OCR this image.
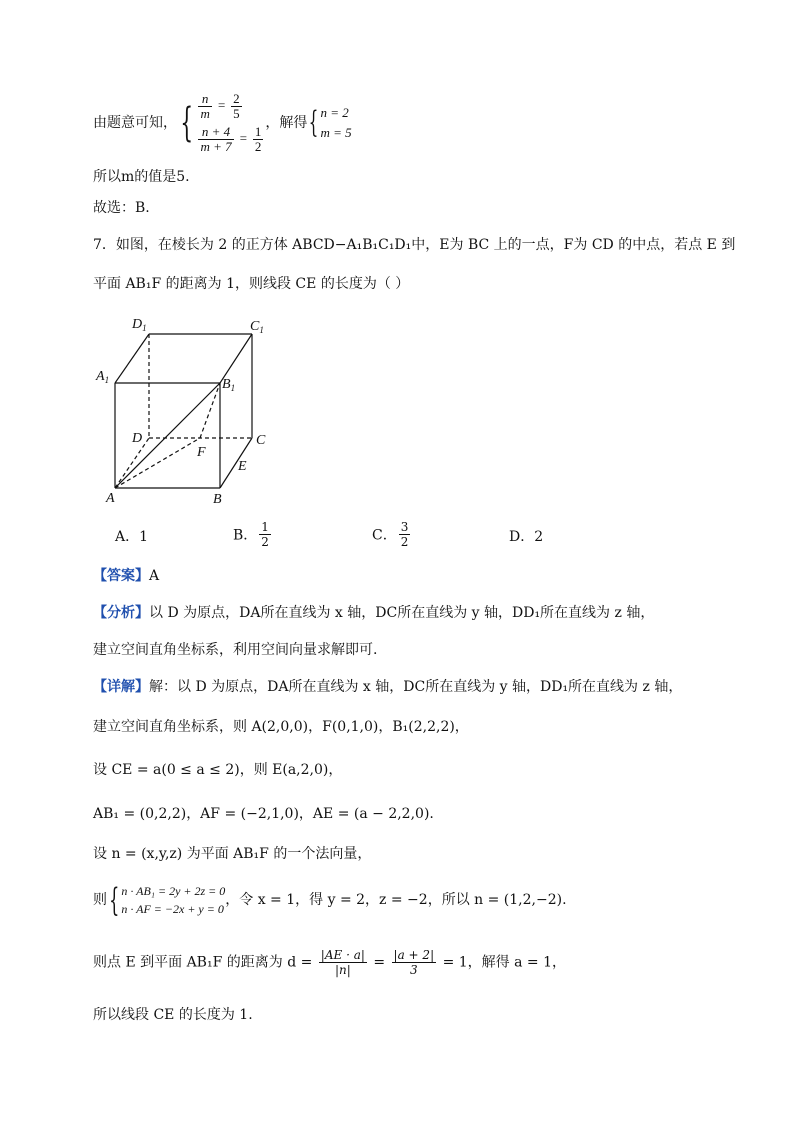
由题意可知，{ $\frac{n}{m} = \frac{2}{5}$
$\frac{n + 4}{m + 7} = \frac{1}{2}$
，解得{ n = 2
m = 5
所以m的值是5.
故选：B.
7．如图，在棱长为 2 的正方体 ABCD−A₁B₁C₁D₁中，E为 BC 上的一点，F为 CD 的中点，若点 E 到
平面 AB₁F 的距离为 1，则线段 CE 的长度为（ ）
$D_1$	$C_1$
$A_1$	$B_1$
D	C
F
E
A	B
A．1	B． $\frac{1}{2}$	C． $\frac{3}{2}$	D．2
【答案】A
【分析】以 D 为原点，DA所在直线为 x 轴，DC所在直线为 y 轴，DD₁所在直线为 z 轴，
建立空间直角坐标系，利用空间向量求解即可.
【详解】解：以 D 为原点，DA所在直线为 x 轴，DC所在直线为 y 轴，DD₁所在直线为 z 轴，
建立空间直角坐标系，则 A(2,0,0)，F(0,1,0)，B₁(2,2,2)，
设 CE = a(0 ≤ a ≤ 2)，则 E(a,2,0)，
AB₁ = (0,2,2)，AF = (−2,1,0)，AE = (a − 2,2,0).
设 n = (x,y,z) 为平面 AB₁F 的一个法向量，
则{ n · AB₁ = 2y + 2z = 0
n · AF = −2x + y = 0
，令 x = 1，得 y = 2，z = −2，所以 n = (1,2,−2).
则点 E 到平面 AB₁F 的距离为 $d = \frac{|AE \cdot a|}{|n|} = \frac{|a + 2|}{3} = 1$，解得 a = 1，
所以线段 CE 的长度为 1.
